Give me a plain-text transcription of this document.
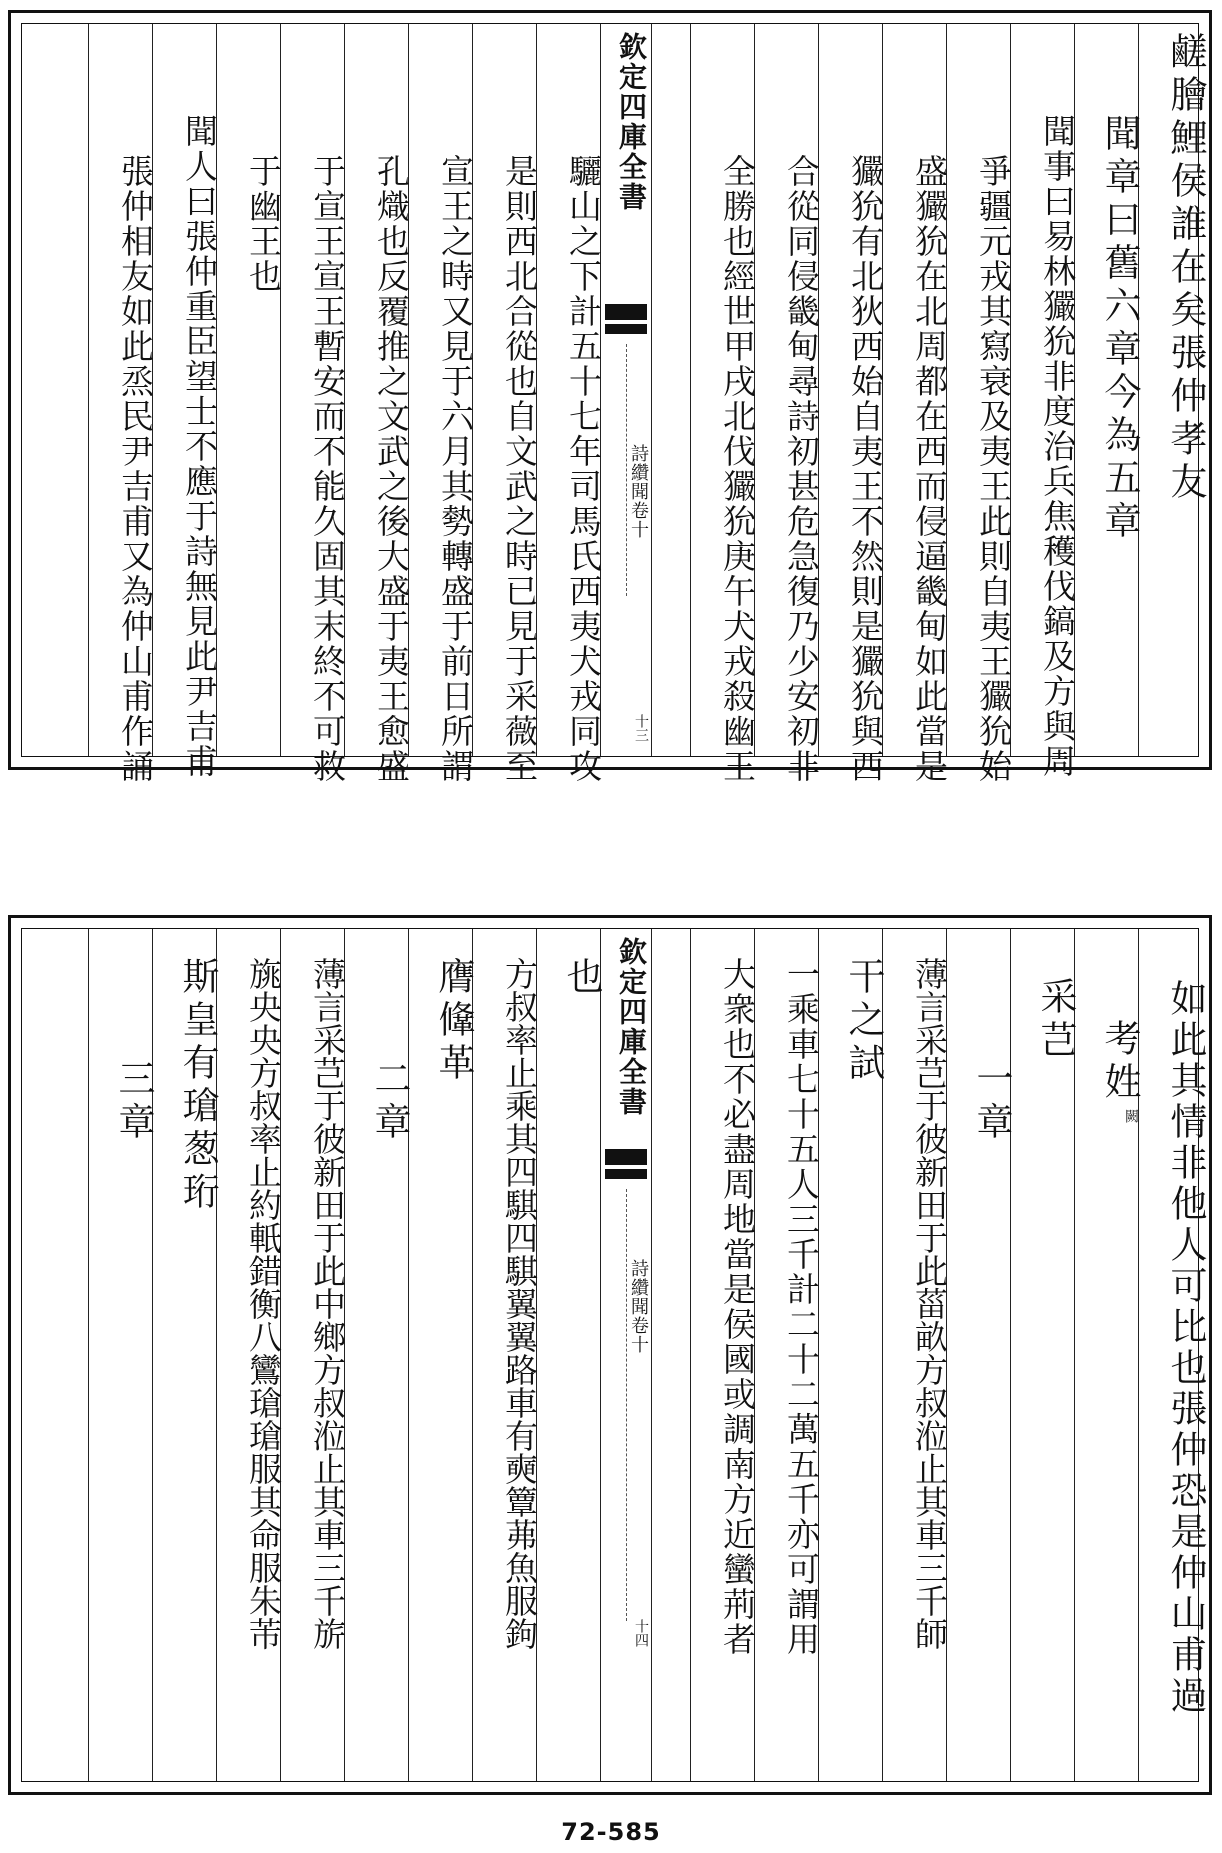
鹺膾鯉侯誰在矣張仲孝友
聞章曰舊六章今為五章
聞事曰易林玁狁非度治兵焦穫伐鎬及方與周
爭疆元戎其寫衰及夷王此則自夷王玁狁始
盛玁狁在北周都在西而侵逼畿甸如此當是
玁狁有北狄西始自夷王不然則是玁狁與西
合從同侵畿甸尋詩初甚危急復乃少安初非
全勝也經世甲戌北伐玁狁庚午犬戎殺幽王
欽定四庫全書
詩纘聞卷十
十三
驪山之下計五十七年司馬氏西夷犬戎同攻
是則西北合從也自文武之時已見于采薇至
宣王之時又見于六月其勢轉盛于前日所謂
孔熾也反覆推之文武之後大盛于夷王愈盛
于宣王宣王暫安而不能久固其末終不可救
于幽王也
聞人曰張仲重臣望士不應于詩無見此尹吉甫
張仲相友如此烝民尹吉甫又為仲山甫作誦
如此其情非他人可比也張仲恐是仲山甫過
考姓
闕
采芑
一章
薄言采芑于彼新田于此菑畝方叔涖止其車三千師
干之試
一乘車七十五人三千計二十二萬五千亦可謂用
大衆也不必盡周地當是侯國或調南方近蠻荊者
欽定四庫全書
詩纘聞卷十
十四
也
方叔率止乘其四騏四騏翼翼路車有奭簟茀魚服鉤
膺鞗革
二章
薄言采芑于彼新田于此中鄉方叔涖止其車三千旂
旐央央方叔率止約軝錯衡八鸞瑲瑲服其命服朱芾
斯皇有瑲葱珩
三章
72-585
